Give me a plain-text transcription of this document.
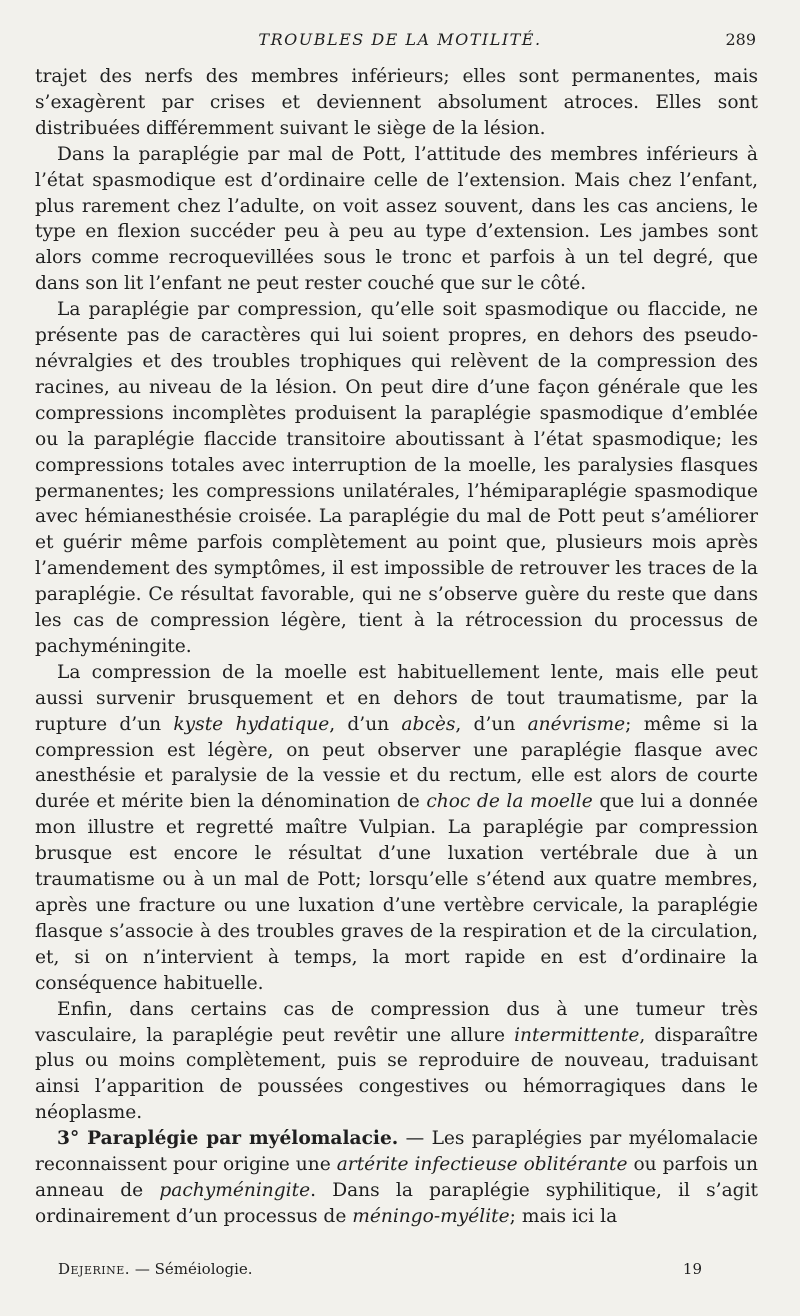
TROUBLES DE LA MOTILITÉ.	289

trajet des nerfs des membres inférieurs; elles sont permanentes, mais s’exagèrent par crises et deviennent absolument atroces. Elles sont distribuées différemment suivant le siège de la lésion.

Dans la paraplégie par mal de Pott, l’attitude des membres inférieurs à l’état spasmodique est d’ordinaire celle de l’extension. Mais chez l’enfant, plus rarement chez l’adulte, on voit assez souvent, dans les cas anciens, le type en flexion succéder peu à peu au type d’extension. Les jambes sont alors comme recroquevillées sous le tronc et parfois à un tel degré, que dans son lit l’enfant ne peut rester couché que sur le côté.

La paraplégie par compression, qu’elle soit spasmodique ou flaccide, ne présente pas de caractères qui lui soient propres, en dehors des pseudo-névralgies et des troubles trophiques qui relèvent de la compression des racines, au niveau de la lésion. On peut dire d’une façon générale que les compressions incomplètes produisent la paraplégie spasmodique d’emblée ou la paraplégie flaccide transitoire aboutissant à l’état spasmodique; les compressions totales avec interruption de la moelle, les paralysies flasques permanentes; les compressions unilatérales, l’hémiparaplégie spasmodique avec hémianesthésie croisée. La paraplégie du mal de Pott peut s’améliorer et guérir même parfois complètement au point que, plusieurs mois après l’amendement des symptômes, il est impossible de retrouver les traces de la paraplégie. Ce résultat favorable, qui ne s’observe guère du reste que dans les cas de compression légère, tient à la rétrocession du processus de pachyméningite.

La compression de la moelle est habituellement lente, mais elle peut aussi survenir brusquement et en dehors de tout traumatisme, par la rupture d’un kyste hydatique, d’un abcès, d’un anévrisme; même si la compression est légère, on peut observer une paraplégie flasque avec anesthésie et paralysie de la vessie et du rectum, elle est alors de courte durée et mérite bien la dénomination de choc de la moelle que lui a donnée mon illustre et regretté maître Vulpian. La paraplégie par compression brusque est encore le résultat d’une luxation vertébrale due à un traumatisme ou à un mal de Pott; lorsqu’elle s’étend aux quatre membres, après une fracture ou une luxation d’une vertèbre cervicale, la paraplégie flasque s’associe à des troubles graves de la respiration et de la circulation, et, si on n’intervient à temps, la mort rapide en est d’ordinaire la conséquence habituelle.

Enfin, dans certains cas de compression dus à une tumeur très vasculaire, la paraplégie peut revêtir une allure intermittente, disparaître plus ou moins complètement, puis se reproduire de nouveau, traduisant ainsi l’apparition de poussées congestives ou hémorragiques dans le néoplasme.

3° Paraplégie par myélomalacie. — Les paraplégies par myélomalacie reconnaissent pour origine une artérite infectieuse oblitérante ou parfois un anneau de pachyméningite. Dans la paraplégie syphilitique, il s’agit ordinairement d’un processus de méningo-myélite; mais ici la

Dejerine. — Séméiologie.	19
